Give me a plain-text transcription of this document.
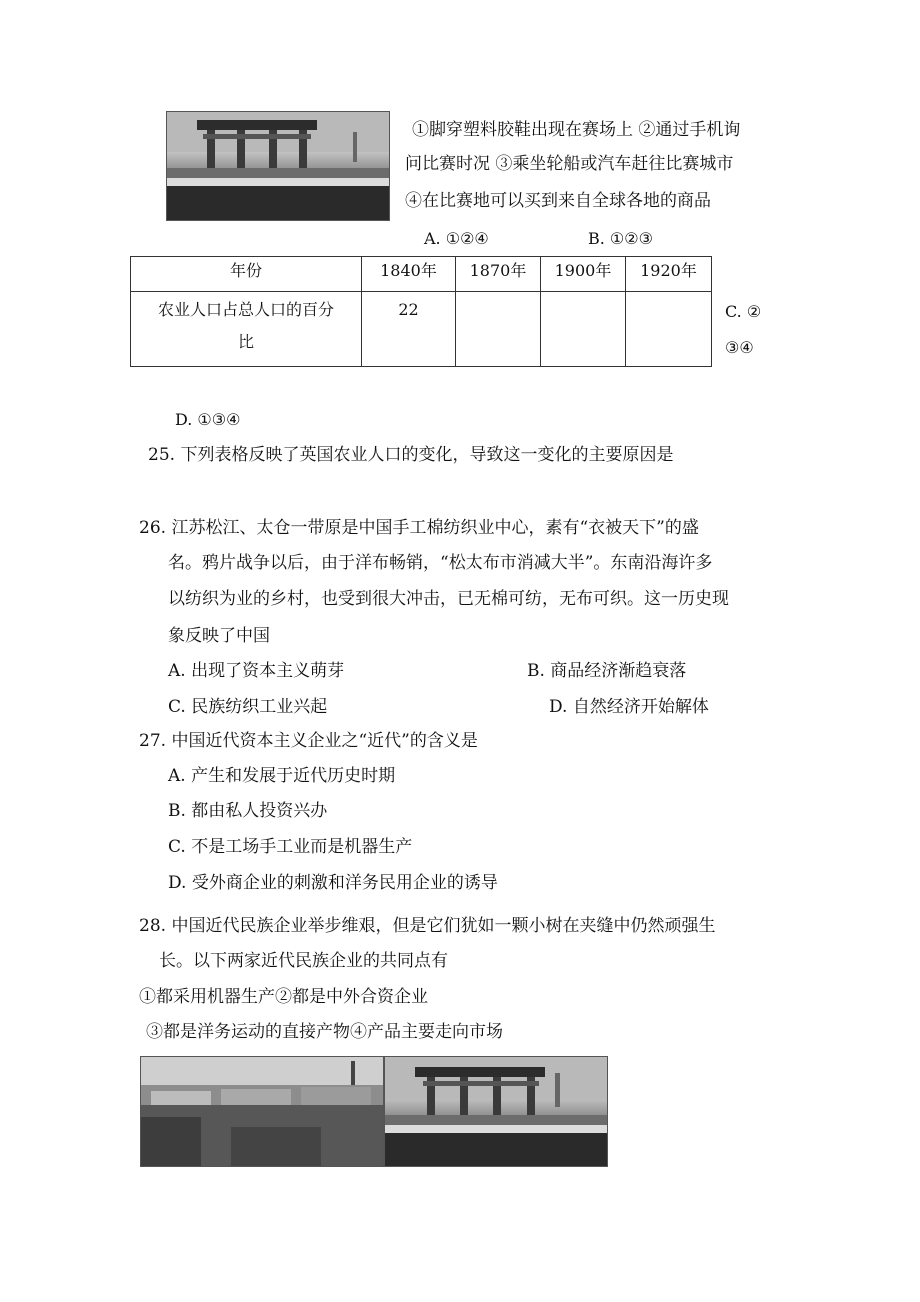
①脚穿塑料胶鞋出现在赛场上 ②通过手机询
问比赛时况 ③乘坐轮船或汽车赶往比赛城市
④在比赛地可以买到来自全球各地的商品
A. ①②④	B. ①②③
年份	1840年	1870年	1900年	1920年

农业人口占总人口的百分
比	22				C. ②
③④
D. ①③④
25. 下列表格反映了英国农业人口的变化，导致这一变化的主要原因是
26. 江苏松江、太仓一带原是中国手工棉纺织业中心，素有“衣被天下”的盛
名。鸦片战争以后，由于洋布畅销，“松太布市消减大半”。东南沿海许多
以纺织为业的乡村，也受到很大冲击，已无棉可纺，无布可织。这一历史现
象反映了中国
A. 出现了资本主义萌芽	B. 商品经济渐趋衰落
C. 民族纺织工业兴起	D. 自然经济开始解体
27. 中国近代资本主义企业之“近代”的含义是
A. 产生和发展于近代历史时期
B. 都由私人投资兴办
C. 不是工场手工业而是机器生产
D. 受外商企业的刺激和洋务民用企业的诱导
28. 中国近代民族企业举步维艰，但是它们犹如一颗小树在夹缝中仍然顽强生
长。以下两家近代民族企业的共同点有
①都采用机器生产②都是中外合资企业
③都是洋务运动的直接产物④产品主要走向市场
